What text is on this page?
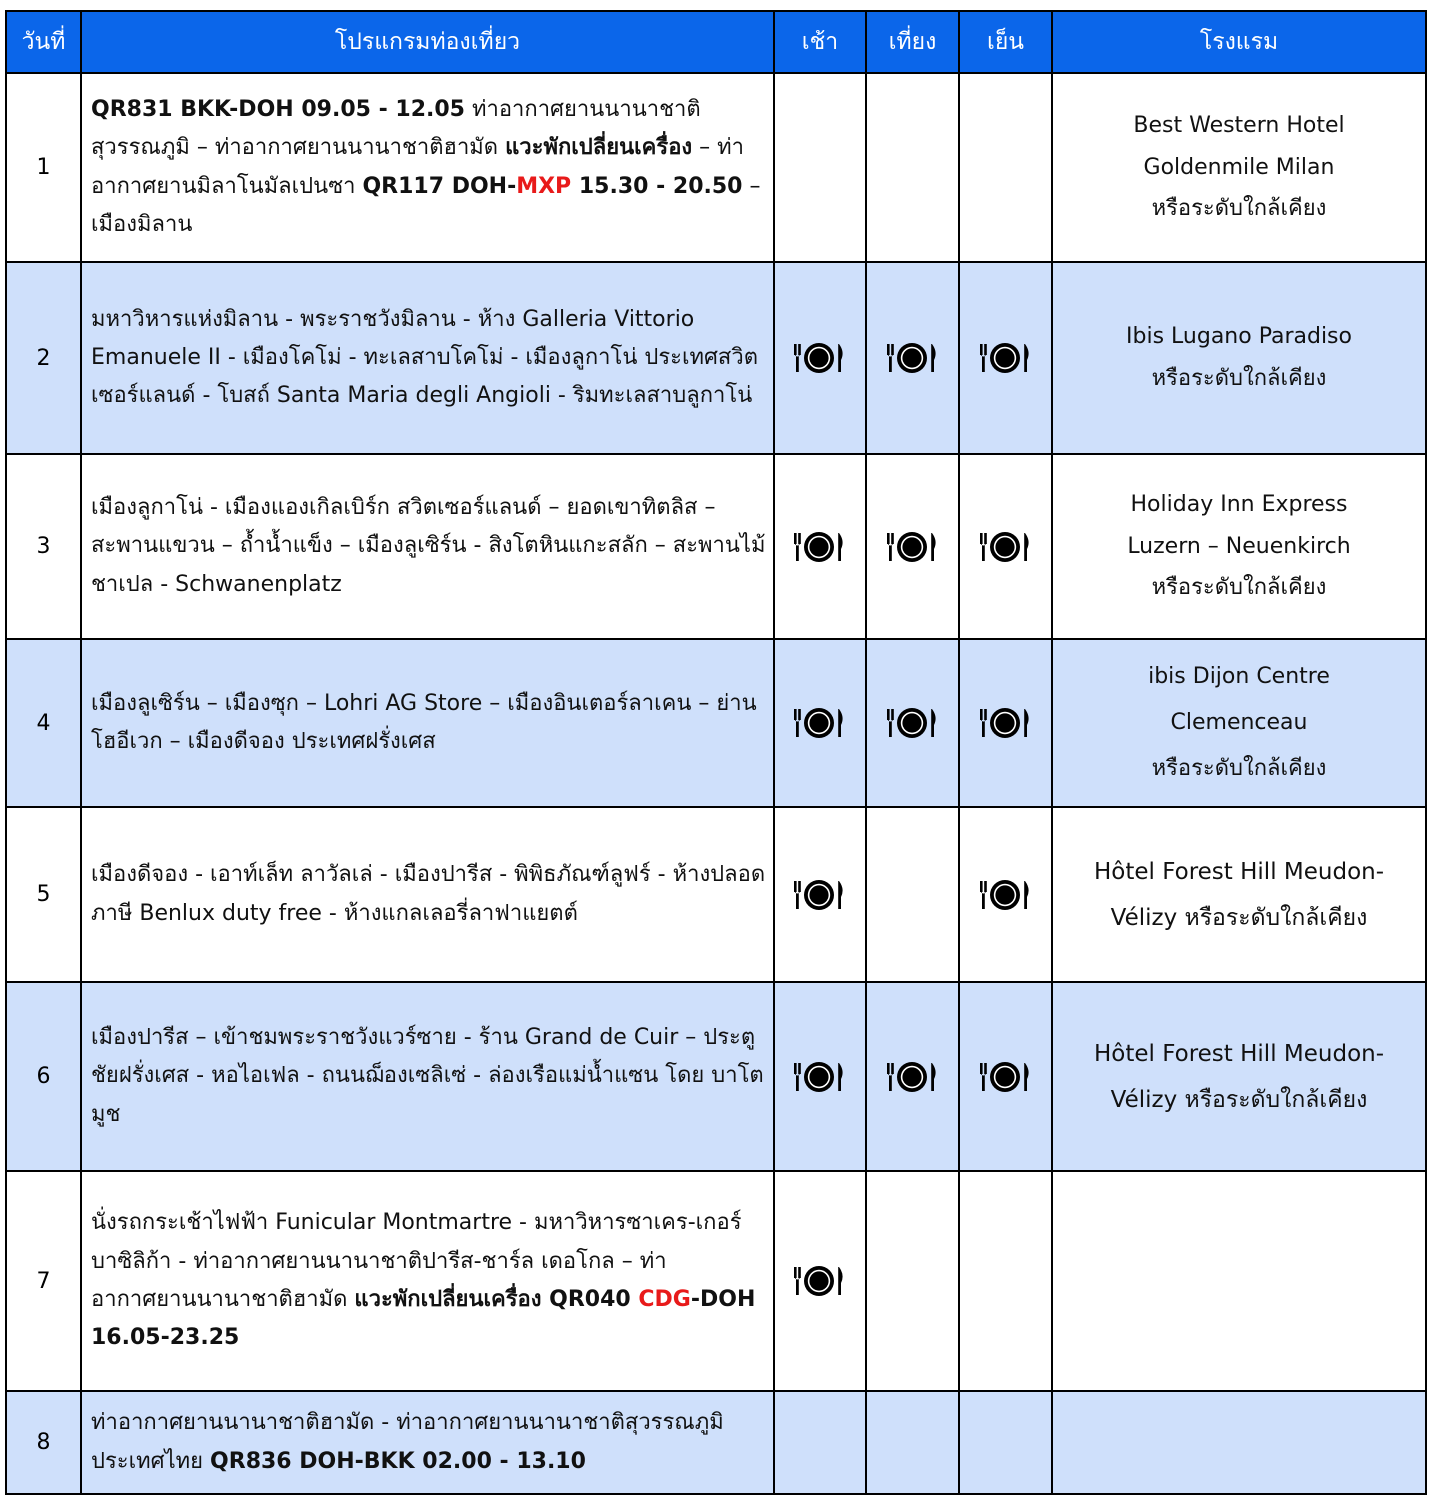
วันที่	โปรแกรมท่องเที่ยว	เช้า	เที่ยง	เย็น	โรงแรม
1	QR831 BKK-DOH 09.05 - 12.05 ท่าอากาศยานนานาชาติสุวรรณภูมิ – ท่าอากาศยานนานาชาติฮามัด แวะพักเปลี่ยนเครื่อง – ท่าอากาศยานมิลาโนมัลเปนซา QR117 DOH-MXP 15.30 - 20.50 – เมืองมิลาน				Best Western Hotel
Goldenmile Milan
หรือระดับใกล้เคียง
2	มหาวิหารแห่งมิลาน - พระราชวังมิลาน - ห้าง Galleria Vittorio Emanuele II - เมืองโคโม่ - ทะเลสาบโคโม่ - เมืองลูกาโน่ ประเทศสวิตเซอร์แลนด์ - โบสถ์ Santa Maria degli Angioli - ริมทะเลสาบลูกาโน่				Ibis Lugano Paradiso
หรือระดับใกล้เคียง
3	เมืองลูกาโน่ - เมืองแองเกิลเบิร์ก สวิตเซอร์แลนด์ – ยอดเขาทิตลิส – สะพานแขวน – ถ้ำน้ำแข็ง – เมืองลูเซิร์น - สิงโตหินแกะสลัก – สะพานไม้ชาเปล - Schwanenplatz				Holiday Inn Express
Luzern – Neuenkirch
หรือระดับใกล้เคียง
4	เมืองลูเซิร์น – เมืองซุก – Lohri AG Store – เมืองอินเตอร์ลาเคน – ย่านโฮอีเวก – เมืองดีจอง ประเทศฝรั่งเศส				ibis Dijon Centre
Clemenceau
หรือระดับใกล้เคียง
5	เมืองดีจอง - เอาท์เล็ท ลาวัลเล่ - เมืองปารีส - พิพิธภัณฑ์ลูฟร์ - ห้างปลอดภาษี Benlux duty free - ห้างแกลเลอรี่ลาฟาแยตต์				Hôtel Forest Hill Meudon-
Vélizy หรือระดับใกล้เคียง
6	เมืองปารีส – เข้าชมพระราชวังแวร์ซาย - ร้าน Grand de Cuir – ประตูชัยฝรั่งเศส - หอไอเฟล - ถนนฌ็องเซลิเซ่ - ล่องเรือแม่น้ำแซน โดย บาโต มูช				Hôtel Forest Hill Meudon-
Vélizy หรือระดับใกล้เคียง
7	นั่งรถกระเช้าไฟฟ้า Funicular Montmartre - มหาวิหารซาเคร-เกอร์ บาซิลิก้า - ท่าอากาศยานนานาชาติปารีส-ชาร์ล เดอโกล – ท่าอากาศยานนานาชาติฮามัด แวะพักเปลี่ยนเครื่อง QR040 CDG-DOH 16.05-23.25				
8	ท่าอากาศยานนานาชาติฮามัด - ท่าอากาศยานนานาชาติสุวรรณภูมิ ประเทศไทย QR836 DOH-BKK 02.00 - 13.10				
